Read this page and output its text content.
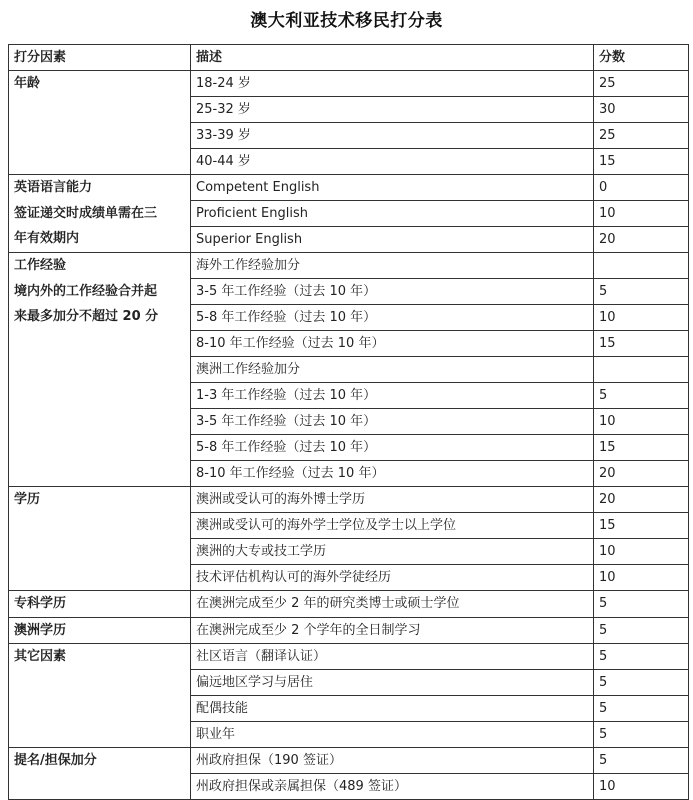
澳大利亚技术移民打分表
打分因素	描述	分数

年龄	18-24 岁	25
	25-32 岁	30
	33-39 岁	25
	40-44 岁	15

英语语言能力
签证递交时成绩单需在三
年有效期内	Competent English	0
	Proficient English	10
	Superior English	20

工作经验
境内外的工作经验合并起
来最多加分不超过 20 分	海外工作经验加分	
	3-5 年工作经验（过去 10 年）	5
	5-8 年工作经验（过去 10 年）	10
	8-10 年工作经验（过去 10 年）	15
	澳洲工作经验加分	
	1-3 年工作经验（过去 10 年）	5
	3-5 年工作经验（过去 10 年）	10
	5-8 年工作经验（过去 10 年）	15
	8-10 年工作经验（过去 10 年）	20

学历	澳洲或受认可的海外博士学历	20
	澳洲或受认可的海外学士学位及学士以上学位	15
	澳洲的大专或技工学历	10
	技术评估机构认可的海外学徒经历	10

专科学历	在澳洲完成至少 2 年的研究类博士或硕士学位	5

澳洲学历	在澳洲完成至少 2 个学年的全日制学习	5

其它因素	社区语言（翻译认证）	5
	偏远地区学习与居住	5
	配偶技能	5
	职业年	5

提名/担保加分	州政府担保（190 签证）	5
	州政府担保或亲属担保（489 签证）	10
